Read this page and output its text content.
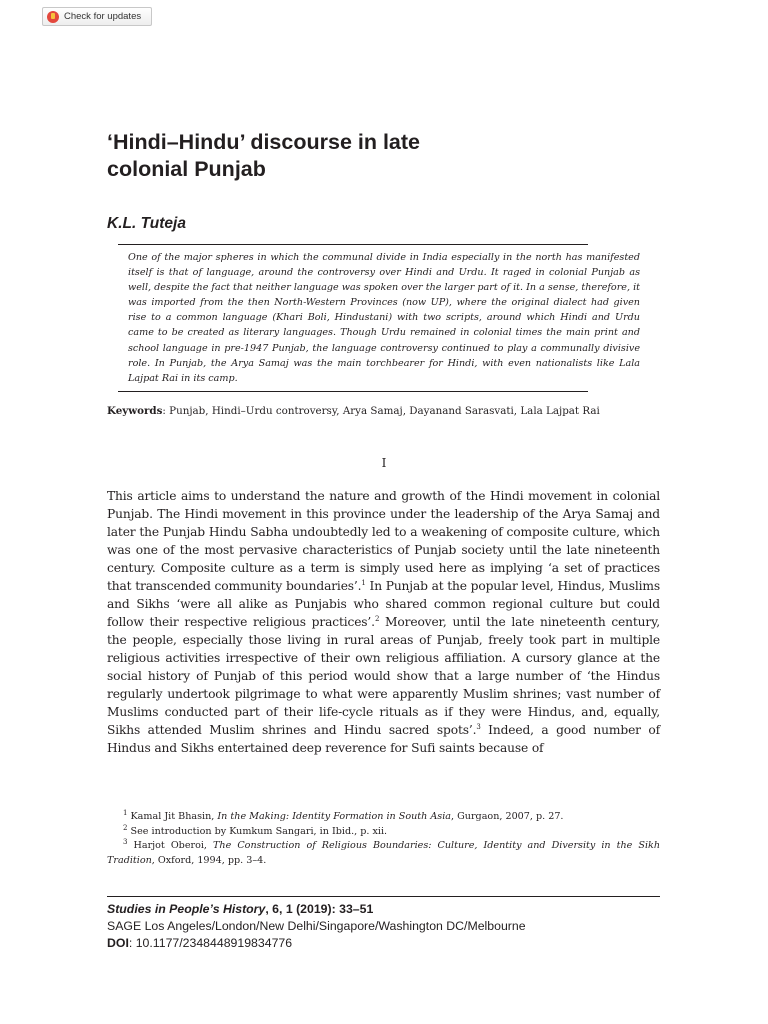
Check for updates
‘Hindi–Hindu’ discourse in late
colonial Punjab
K.L. Tuteja

One of the major spheres in which the communal divide in India especially in the north has manifested itself is that of language, around the controversy over Hindi and Urdu. It raged in colonial Punjab as well, despite the fact that neither language was spoken over the larger part of it. In a sense, therefore, it was imported from the then North-Western Provinces (now UP), where the original dialect had given rise to a common language (Khari Boli, Hindustani) with two scripts, around which Hindi and Urdu came to be created as literary languages. Though Urdu remained in colonial times the main print and school language in pre-1947 Punjab, the language controversy continued to play a communally divisive role. In Punjab, the Arya Samaj was the main torchbearer for Hindi, with even nationalists like Lala Lajpat Rai in its camp.

Keywords: Punjab, Hindi–Urdu controversy, Arya Samaj, Dayanand Sarasvati, Lala Lajpat Rai
I

This article aims to understand the nature and growth of the Hindi movement in colonial Punjab. The Hindi movement in this province under the leadership of the Arya Samaj and later the Punjab Hindu Sabha undoubtedly led to a weakening of composite culture, which was one of the most pervasive characteristics of Punjab society until the late nineteenth century. Composite culture as a term is simply used here as implying ‘a set of practices that transcended community boundaries’.$^1$ In Punjab at the popular level, Hindus, Muslims and Sikhs ‘were all alike as Punjabis who shared common regional culture but could follow their respective religious practices’.$^2$ Moreover, until the late nineteenth century, the people, especially those living in rural areas of Punjab, freely took part in multiple religious activities irrespective of their own religious affiliation. A cursory glance at the social history of Punjab of this period would show that a large number of ‘the Hindus regularly undertook pilgrimage to what were apparently Muslim shrines; vast number of Muslims conducted part of their life-cycle rituals as if they were Hindus, and, equally, Sikhs attended Muslim shrines and Hindu sacred spots’.$^3$ Indeed, a good number of Hindus and Sikhs entertained deep reverence for Sufi saints because of

$^1$ Kamal Jit Bhasin, In the Making: Identity Formation in South Asia, Gurgaon, 2007, p. 27.

$^2$ See introduction by Kumkum Sangari, in Ibid., p. xii.

$^3$ Harjot Oberoi, The Construction of Religious Boundaries: Culture, Identity and Diversity in the Sikh Tradition, Oxford, 1994, pp. 3–4.

Studies in People’s History, 6, 1 (2019): 33–51
SAGE Los Angeles/London/New Delhi/Singapore/Washington DC/Melbourne
DOI: 10.1177/2348448919834776
